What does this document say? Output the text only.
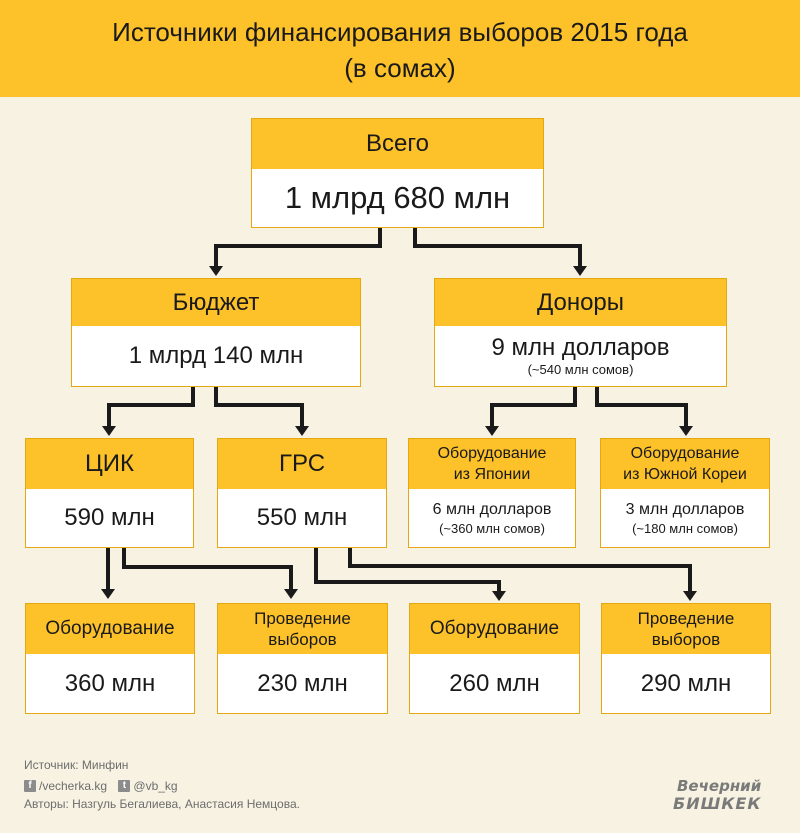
Источники финансирования выборов 2015 года
(в сомах)
Всего
1 млрд 680 млн
Бюджет
1 млрд 140 млн
Доноры
9 млн долларов
(~540 млн сомов)
ЦИК
590 млн
ГРС
550 млн
Оборудование
из Японии
6 млн долларов
(~360 млн сомов)
Оборудование
из Южной Кореи
3 млн долларов
(~180 млн сомов)
Оборудование
360 млн
Проведение
выборов
230 млн
Оборудование
260 млн
Проведение
выборов
290 млн
Источник: Минфин
f /vecherka.kg
	t @vb_kg
Авторы: Назгуль Бегалиева, Анастасия Немцова.
Вечерний
БИШКЕК
